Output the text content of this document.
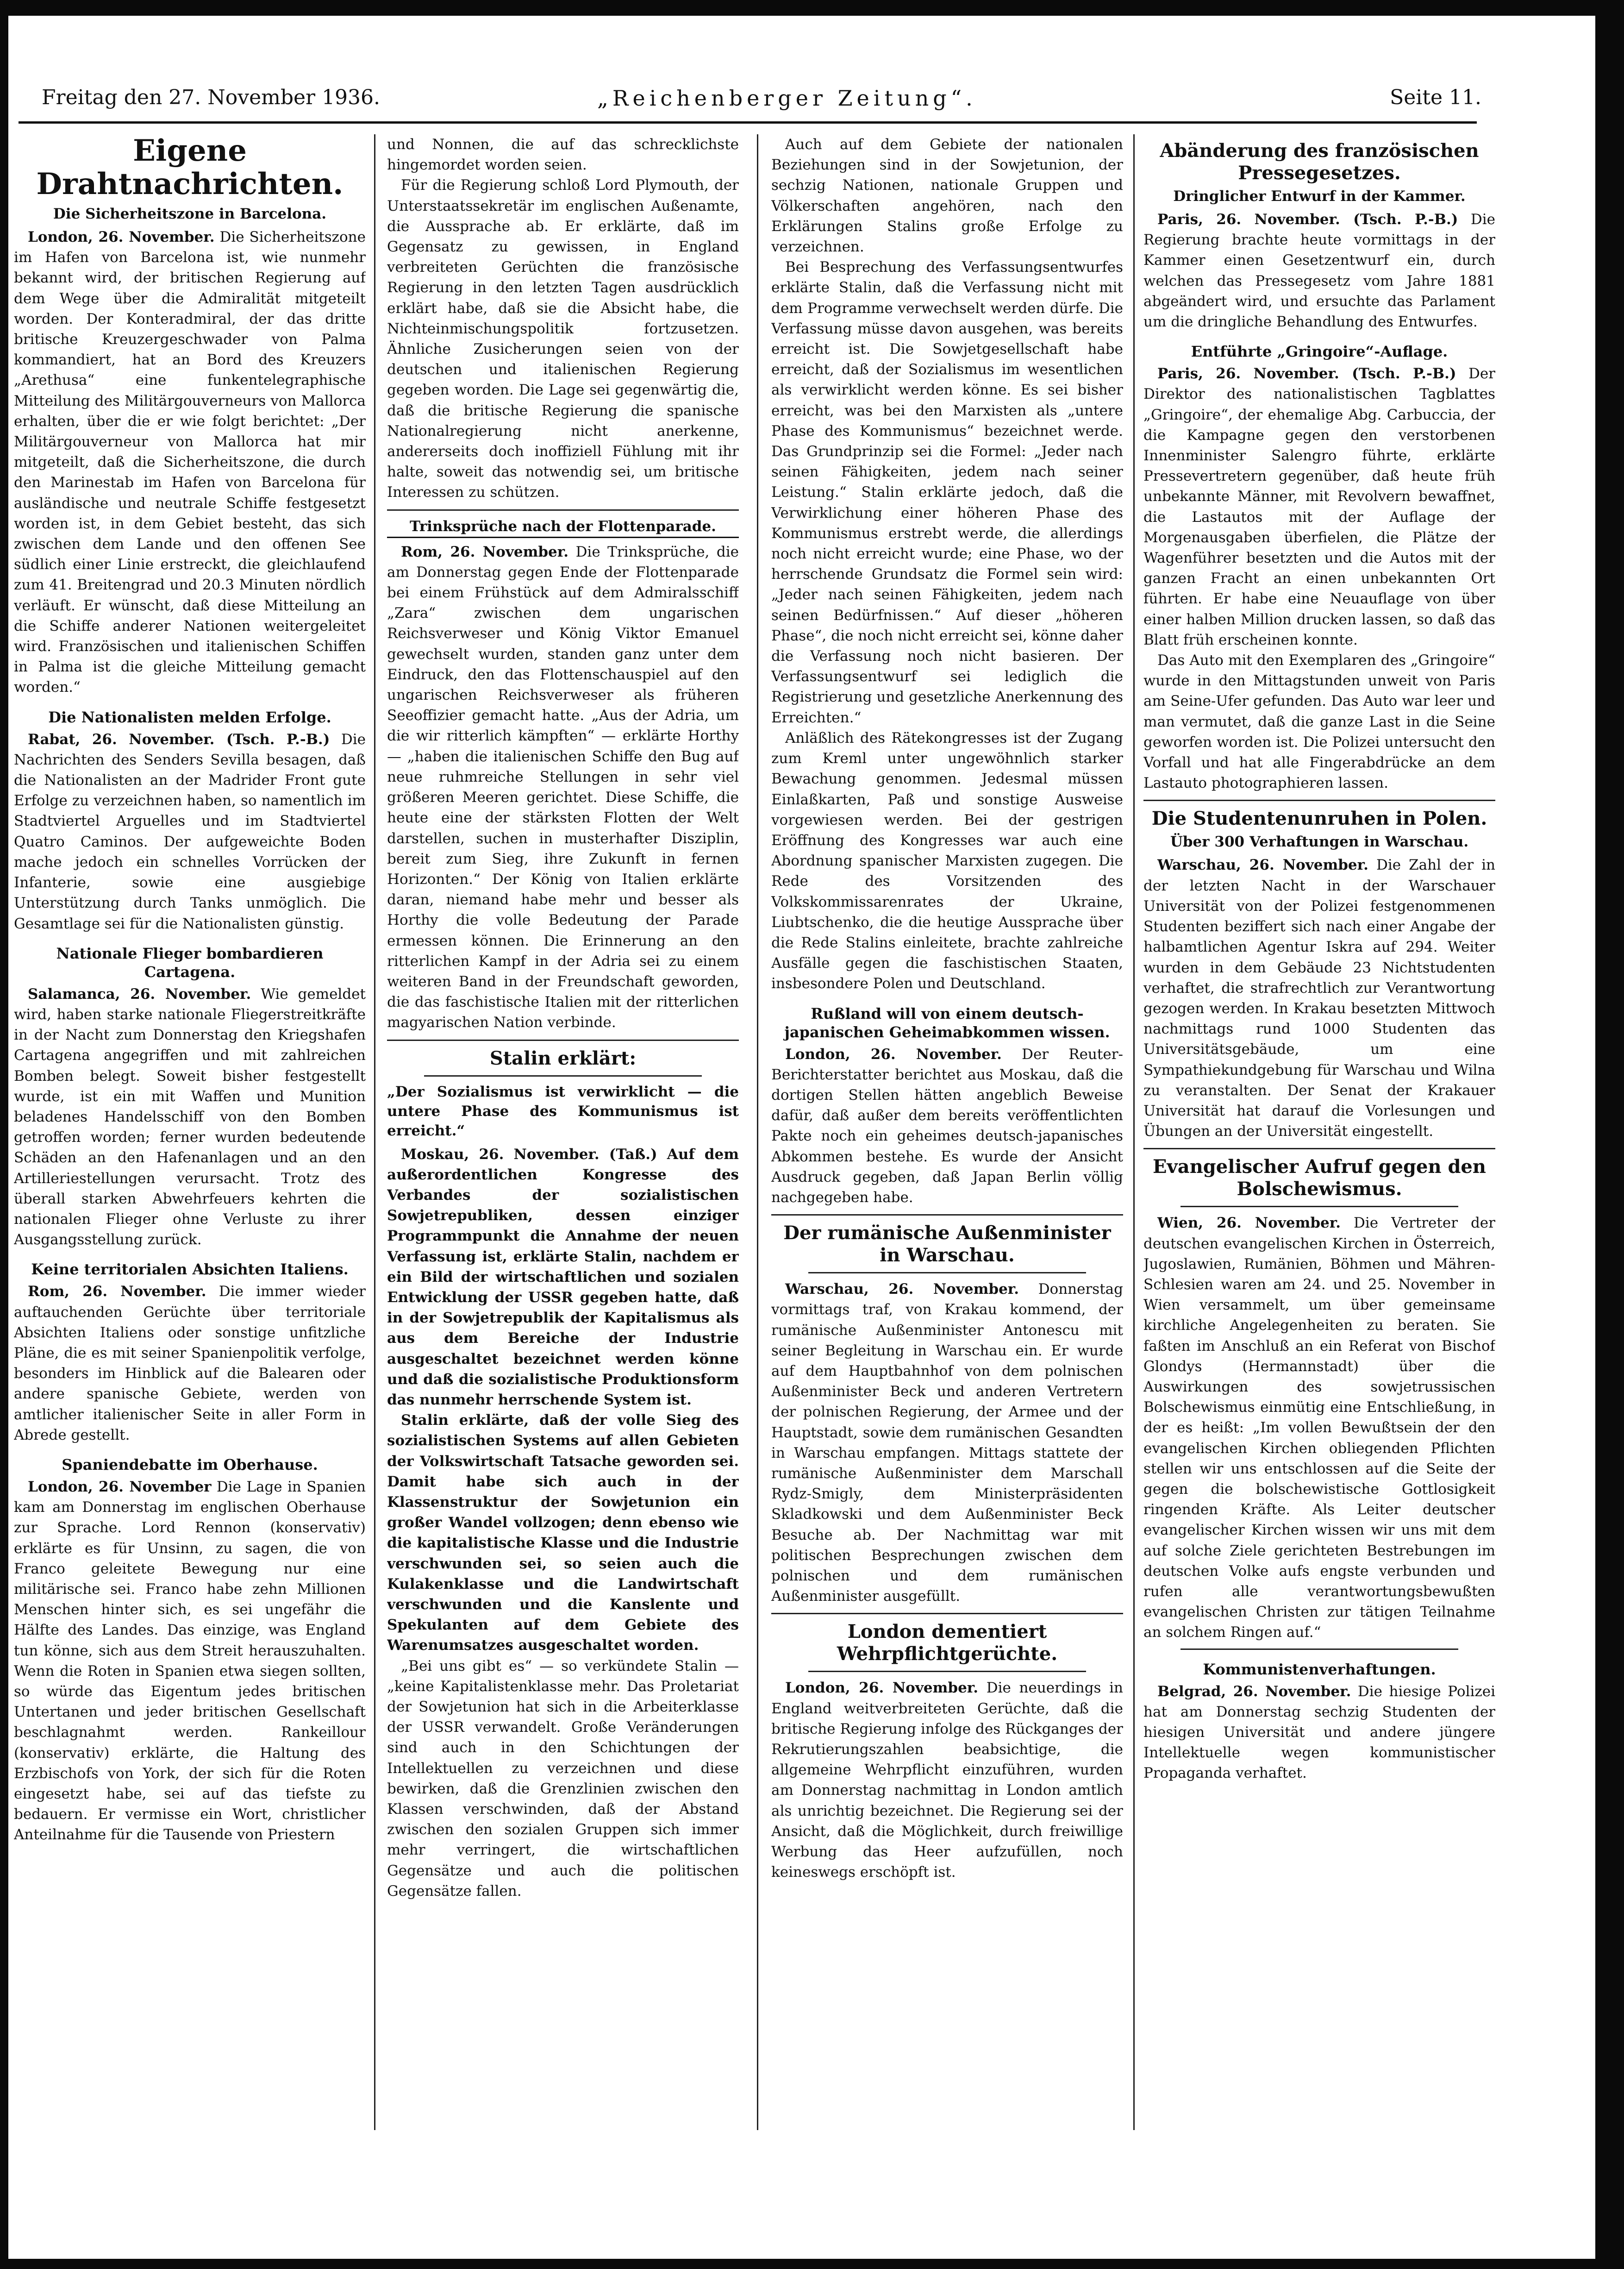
Freitag den 27. November 1936.	„Reichenberger Zeitung“.	Seite 11.
Eigene Drahtnachrichten.
Die Sicherheitszone in Barcelona.

London, 26. November. Die Sicherheitszone im Hafen von Barcelona ist, wie nunmehr bekannt wird, der britischen Regierung auf dem Wege über die Admiralität mitgeteilt worden. Der Konteradmiral, der das dritte britische Kreuzergeschwader von Palma kommandiert, hat an Bord des Kreuzers „Arethusa“ eine funkentelegraphische Mitteilung des Militärgouverneurs von Mallorca erhalten, über die er wie folgt berichtet: „Der Militärgouverneur von Mallorca hat mir mitgeteilt, daß die Sicherheitszone, die durch den Marinestab im Hafen von Barcelona für ausländische und neutrale Schiffe festgesetzt worden ist, in dem Gebiet besteht, das sich zwischen dem Lande und den offenen See südlich einer Linie erstreckt, die gleichlaufend zum 41. Breitengrad und 20.3 Minuten nördlich verläuft. Er wünscht, daß diese Mitteilung an die Schiffe anderer Nationen weitergeleitet wird. Französischen und italienischen Schiffen in Palma ist die gleiche Mitteilung gemacht worden.“

Die Nationalisten melden Erfolge.

Rabat, 26. November. (Tsch. P.-B.) Die Nachrichten des Senders Sevilla besagen, daß die Nationalisten an der Madrider Front gute Erfolge zu verzeichnen haben, so namentlich im Stadtviertel Arguelles und im Stadtviertel Quatro Caminos. Der aufgeweichte Boden mache jedoch ein schnelles Vorrücken der Infanterie, sowie eine ausgiebige Unterstützung durch Tanks unmöglich. Die Gesamtlage sei für die Nationalisten günstig.

Nationale Flieger bombardieren Cartagena.

Salamanca, 26. November. Wie gemeldet wird, haben starke nationale Fliegerstreitkräfte in der Nacht zum Donnerstag den Kriegshafen Cartagena angegriffen und mit zahlreichen Bomben belegt. Soweit bisher festgestellt wurde, ist ein mit Waffen und Munition beladenes Handelsschiff von den Bomben getroffen worden; ferner wurden bedeutende Schäden an den Hafenanlagen und an den Artilleriestellungen verursacht. Trotz des überall starken Abwehrfeuers kehrten die nationalen Flieger ohne Verluste zu ihrer Ausgangsstellung zurück.

Keine territorialen Absichten Italiens.

Rom, 26. November. Die immer wieder auftauchenden Gerüchte über territoriale Absichten Italiens oder sonstige unfitzliche Pläne, die es mit seiner Spanienpolitik verfolge, besonders im Hinblick auf die Balearen oder andere spanische Gebiete, werden von amtlicher italienischer Seite in aller Form in Abrede gestellt.

Spaniendebatte im Oberhause.

London, 26. November Die Lage in Spanien kam am Donnerstag im englischen Oberhause zur Sprache. Lord Rennon (konservativ) erklärte es für Unsinn, zu sagen, die von Franco geleitete Bewegung nur eine militärische sei. Franco habe zehn Millionen Menschen hinter sich, es sei ungefähr die Hälfte des Landes. Das einzige, was England tun könne, sich aus dem Streit herauszuhalten. Wenn die Roten in Spanien etwa siegen sollten, so würde das Eigentum jedes britischen Untertanen und jeder britischen Gesellschaft beschlagnahmt werden. Rankeillour (konservativ) erklärte, die Haltung des Erzbischofs von York, der sich für die Roten eingesetzt habe, sei auf das tiefste zu bedauern. Er vermisse ein Wort, christlicher Anteilnahme für die Tausende von Priestern

und Nonnen, die auf das schrecklichste hingemordet worden seien.

Für die Regierung schloß Lord Plymouth, der Unterstaatssekretär im englischen Außenamte, die Aussprache ab. Er erklärte, daß im Gegensatz zu gewissen, in England verbreiteten Gerüchten die französische Regierung in den letzten Tagen ausdrücklich erklärt habe, daß sie die Absicht habe, die Nichteinmischungspolitik fortzusetzen. Ähnliche Zusicherungen seien von der deutschen und italienischen Regierung gegeben worden. Die Lage sei gegenwärtig die, daß die britische Regierung die spanische Nationalregierung nicht anerkenne, andererseits doch inoffiziell Fühlung mit ihr halte, soweit das notwendig sei, um britische Interessen zu schützen.

Trinksprüche nach der Flottenparade.

Rom, 26. November. Die Trinksprüche, die am Donnerstag gegen Ende der Flottenparade bei einem Frühstück auf dem Admiralsschiff „Zara“ zwischen dem ungarischen Reichsverweser und König Viktor Emanuel gewechselt wurden, standen ganz unter dem Eindruck, den das Flottenschauspiel auf den ungarischen Reichsverweser als früheren Seeoffizier gemacht hatte. „Aus der Adria, um die wir ritterlich kämpften“ — erklärte Horthy — „haben die italienischen Schiffe den Bug auf neue ruhmreiche Stellungen in sehr viel größeren Meeren gerichtet. Diese Schiffe, die heute eine der stärksten Flotten der Welt darstellen, suchen in musterhafter Disziplin, bereit zum Sieg, ihre Zukunft in fernen Horizonten.“ Der König von Italien erklärte daran, niemand habe mehr und besser als Horthy die volle Bedeutung der Parade ermessen können. Die Erinnerung an den ritterlichen Kampf in der Adria sei zu einem weiteren Band in der Freundschaft geworden, die das faschistische Italien mit der ritterlichen magyarischen Nation verbinde.

Stalin erklärt:
„Der Sozialismus ist verwirklicht — die untere Phase des Kommunismus ist erreicht.“

Moskau, 26. November. (Taß.) Auf dem außerordentlichen Kongresse des Verbandes der sozialistischen Sowjetrepubliken, dessen einziger Programmpunkt die Annahme der neuen Verfassung ist, erklärte Stalin, nachdem er ein Bild der wirtschaftlichen und sozialen Entwicklung der USSR gegeben hatte, daß in der Sowjetrepublik der Kapitalismus als aus dem Bereiche der Industrie ausgeschaltet bezeichnet werden könne und daß die sozialistische Produktionsform das nunmehr herrschende System ist.

Stalin erklärte, daß der volle Sieg des sozialistischen Systems auf allen Gebieten der Volkswirtschaft Tatsache geworden sei. Damit habe sich auch in der Klassenstruktur der Sowjetunion ein großer Wandel vollzogen; denn ebenso wie die kapitalistische Klasse und die Industrie verschwunden sei, so seien auch die Kulakenklasse und die Landwirtschaft verschwunden und die Kanslente und Spekulanten auf dem Gebiete des Warenumsatzes ausgeschaltet worden.

„Bei uns gibt es“ — so verkündete Stalin — „keine Kapitalistenklasse mehr. Das Proletariat der Sowjetunion hat sich in die Arbeiterklasse der USSR verwandelt. Große Veränderungen sind auch in den Schichtungen der Intellektuellen zu verzeichnen und diese bewirken, daß die Grenzlinien zwischen den Klassen verschwinden, daß der Abstand zwischen den sozialen Gruppen sich immer mehr verringert, die wirtschaftlichen Gegensätze und auch die politischen Gegensätze fallen.

Auch auf dem Gebiete der nationalen Beziehungen sind in der Sowjetunion, der sechzig Nationen, nationale Gruppen und Völkerschaften angehören, nach den Erklärungen Stalins große Erfolge zu verzeichnen.

Bei Besprechung des Verfassungsentwurfes erklärte Stalin, daß die Verfassung nicht mit dem Programme verwechselt werden dürfe. Die Verfassung müsse davon ausgehen, was bereits erreicht ist. Die Sowjetgesellschaft habe erreicht, daß der Sozialismus im wesentlichen als verwirklicht werden könne. Es sei bisher erreicht, was bei den Marxisten als „untere Phase des Kommunismus“ bezeichnet werde. Das Grundprinzip sei die Formel: „Jeder nach seinen Fähigkeiten, jedem nach seiner Leistung.“ Stalin erklärte jedoch, daß die Verwirklichung einer höheren Phase des Kommunismus erstrebt werde, die allerdings noch nicht erreicht wurde; eine Phase, wo der herrschende Grundsatz die Formel sein wird: „Jeder nach seinen Fähigkeiten, jedem nach seinen Bedürfnissen.“ Auf dieser „höheren Phase“, die noch nicht erreicht sei, könne daher die Verfassung noch nicht basieren. Der Verfassungsentwurf sei lediglich die Registrierung und gesetzliche Anerkennung des Erreichten.“

Anläßlich des Rätekongresses ist der Zugang zum Kreml unter ungewöhnlich starker Bewachung genommen. Jedesmal müssen Einlaßkarten, Paß und sonstige Ausweise vorgewiesen werden. Bei der gestrigen Eröffnung des Kongresses war auch eine Abordnung spanischer Marxisten zugegen. Die Rede des Vorsitzenden des Volkskommissarenrates der Ukraine, Liubtschenko, die die heutige Aussprache über die Rede Stalins einleitete, brachte zahlreiche Ausfälle gegen die faschistischen Staaten, insbesondere Polen und Deutschland.

Rußland will von einem deutsch-japanischen Geheimabkommen wissen.

London, 26. November. Der Reuter-Berichterstatter berichtet aus Moskau, daß die dortigen Stellen hätten angeblich Beweise dafür, daß außer dem bereits veröffentlichten Pakte noch ein geheimes deutsch-japanisches Abkommen bestehe. Es wurde der Ansicht Ausdruck gegeben, daß Japan Berlin völlig nachgegeben habe.

Der rumänische Außenminister in Warschau.

Warschau, 26. November. Donnerstag vormittags traf, von Krakau kommend, der rumänische Außenminister Antonescu mit seiner Begleitung in Warschau ein. Er wurde auf dem Hauptbahnhof von dem polnischen Außenminister Beck und anderen Vertretern der polnischen Regierung, der Armee und der Hauptstadt, sowie dem rumänischen Gesandten in Warschau empfangen. Mittags stattete der rumänische Außenminister dem Marschall Rydz-Smigly, dem Ministerpräsidenten Skladkowski und dem Außenminister Beck Besuche ab. Der Nachmittag war mit politischen Besprechungen zwischen dem polnischen und dem rumänischen Außenminister ausgefüllt.

London dementiert Wehrpflichtgerüchte.

London, 26. November. Die neuerdings in England weitverbreiteten Gerüchte, daß die britische Regierung infolge des Rückganges der Rekrutierungszahlen beabsichtige, die allgemeine Wehrpflicht einzuführen, wurden am Donnerstag nachmittag in London amtlich als unrichtig bezeichnet. Die Regierung sei der Ansicht, daß die Möglichkeit, durch freiwillige Werbung das Heer aufzufüllen, noch keineswegs erschöpft ist.

Abänderung des französischen Pressegesetzes.
Dringlicher Entwurf in der Kammer.

Paris, 26. November. (Tsch. P.-B.) Die Regierung brachte heute vormittags in der Kammer einen Gesetzentwurf ein, durch welchen das Pressegesetz vom Jahre 1881 abgeändert wird, und ersuchte das Parlament um die dringliche Behandlung des Entwurfes.

Entführte „Gringoire“-Auflage.

Paris, 26. November. (Tsch. P.-B.) Der Direktor des nationalistischen Tagblattes „Gringoire“, der ehemalige Abg. Carbuccia, der die Kampagne gegen den verstorbenen Innenminister Salengro führte, erklärte Pressevertretern gegenüber, daß heute früh unbekannte Männer, mit Revolvern bewaffnet, die Lastautos mit der Auflage der Morgenausgaben überfielen, die Plätze der Wagenführer besetzten und die Autos mit der ganzen Fracht an einen unbekannten Ort führten. Er habe eine Neuauflage von über einer halben Million drucken lassen, so daß das Blatt früh erscheinen konnte.

Das Auto mit den Exemplaren des „Gringoire“ wurde in den Mittagstunden unweit von Paris am Seine-Ufer gefunden. Das Auto war leer und man vermutet, daß die ganze Last in die Seine geworfen worden ist. Die Polizei untersucht den Vorfall und hat alle Fingerabdrücke an dem Lastauto photographieren lassen.

Die Studentenunruhen in Polen.
Über 300 Verhaftungen in Warschau.

Warschau, 26. November. Die Zahl der in der letzten Nacht in der Warschauer Universität von der Polizei festgenommenen Studenten beziffert sich nach einer Angabe der halbamtlichen Agentur Iskra auf 294. Weiter wurden in dem Gebäude 23 Nichtstudenten verhaftet, die strafrechtlich zur Verantwortung gezogen werden. In Krakau besetzten Mittwoch nachmittags rund 1000 Studenten das Universitätsgebäude, um eine Sympathiekundgebung für Warschau und Wilna zu veranstalten. Der Senat der Krakauer Universität hat darauf die Vorlesungen und Übungen an der Universität eingestellt.

Evangelischer Aufruf gegen den Bolschewismus.

Wien, 26. November. Die Vertreter der deutschen evangelischen Kirchen in Österreich, Jugoslawien, Rumänien, Böhmen und Mähren-Schlesien waren am 24. und 25. November in Wien versammelt, um über gemeinsame kirchliche Angelegenheiten zu beraten. Sie faßten im Anschluß an ein Referat von Bischof Glondys (Hermannstadt) über die Auswirkungen des sowjetrussischen Bolschewismus einmütig eine Entschließung, in der es heißt: „Im vollen Bewußtsein der den evangelischen Kirchen obliegenden Pflichten stellen wir uns entschlossen auf die Seite der gegen die bolschewistische Gottlosigkeit ringenden Kräfte. Als Leiter deutscher evangelischer Kirchen wissen wir uns mit dem auf solche Ziele gerichteten Bestrebungen im deutschen Volke aufs engste verbunden und rufen alle verantwortungsbewußten evangelischen Christen zur tätigen Teilnahme an solchem Ringen auf.“

Kommunistenverhaftungen.

Belgrad, 26. November. Die hiesige Polizei hat am Donnerstag sechzig Studenten der hiesigen Universität und andere jüngere Intellektuelle wegen kommunistischer Propaganda verhaftet.
